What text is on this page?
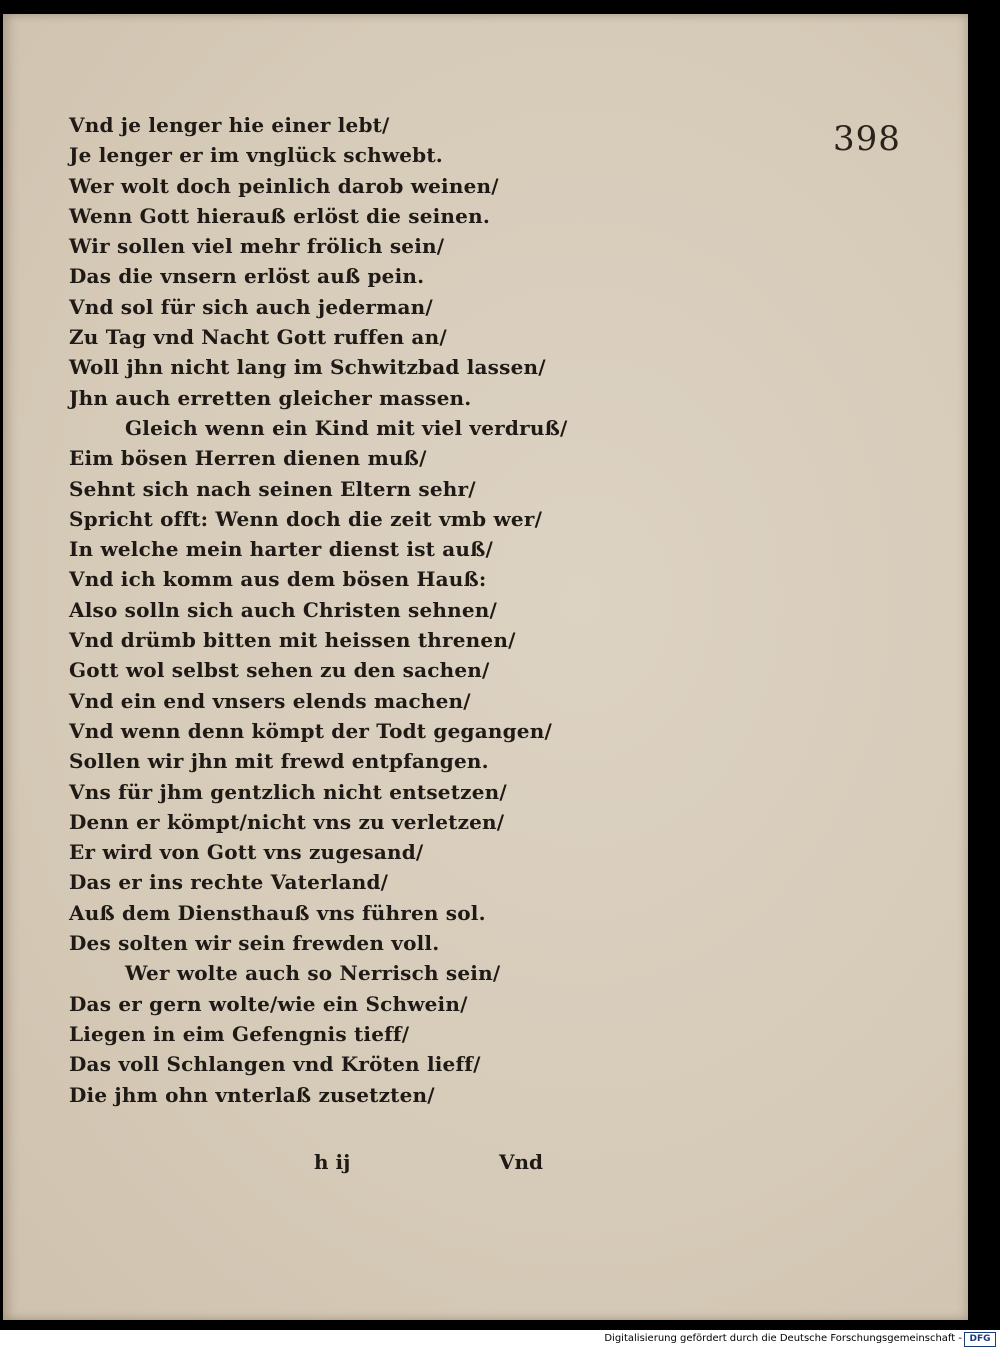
398
Vnd je lenger hie einer lebt/
Je lenger er im vnglück schwebt.
Wer wolt doch peinlich darob weinen/
Wenn Gott hierauß erlöst die seinen.
Wir sollen viel mehr frölich sein/
Das die vnsern erlöst auß pein.
Vnd sol für sich auch jederman/
Zu Tag vnd Nacht Gott ruffen an/
Woll jhn nicht lang im Schwitzbad lassen/
Jhn auch erretten gleicher massen.
Gleich wenn ein Kind mit viel verdruß/
Eim bösen Herren dienen muß/
Sehnt sich nach seinen Eltern sehr/
Spricht offt: Wenn doch die zeit vmb wer/
In welche mein harter dienst ist auß/
Vnd ich komm aus dem bösen Hauß:
Also solln sich auch Christen sehnen/
Vnd drümb bitten mit heissen threnen/
Gott wol selbst sehen zu den sachen/
Vnd ein end vnsers elends machen/
Vnd wenn denn kömpt der Todt gegangen/
Sollen wir jhn mit frewd entpfangen.
Vns für jhm gentzlich nicht entsetzen/
Denn er kömpt/nicht vns zu verletzen/
Er wird von Gott vns zugesand/
Das er ins rechte Vaterland/
Auß dem Diensthauß vns führen sol.
Des solten wir sein frewden voll.
Wer wolte auch so Nerrisch sein/
Das er gern wolte/wie ein Schwein/
Liegen in eim Gefengnis tieff/
Das voll Schlangen vnd Kröten lieff/
Die jhm ohn vnterlaß zusetzten/
h ij	Vnd
Digitalisierung gefördert durch die Deutsche Forschungsgemeinschaft - DFG
